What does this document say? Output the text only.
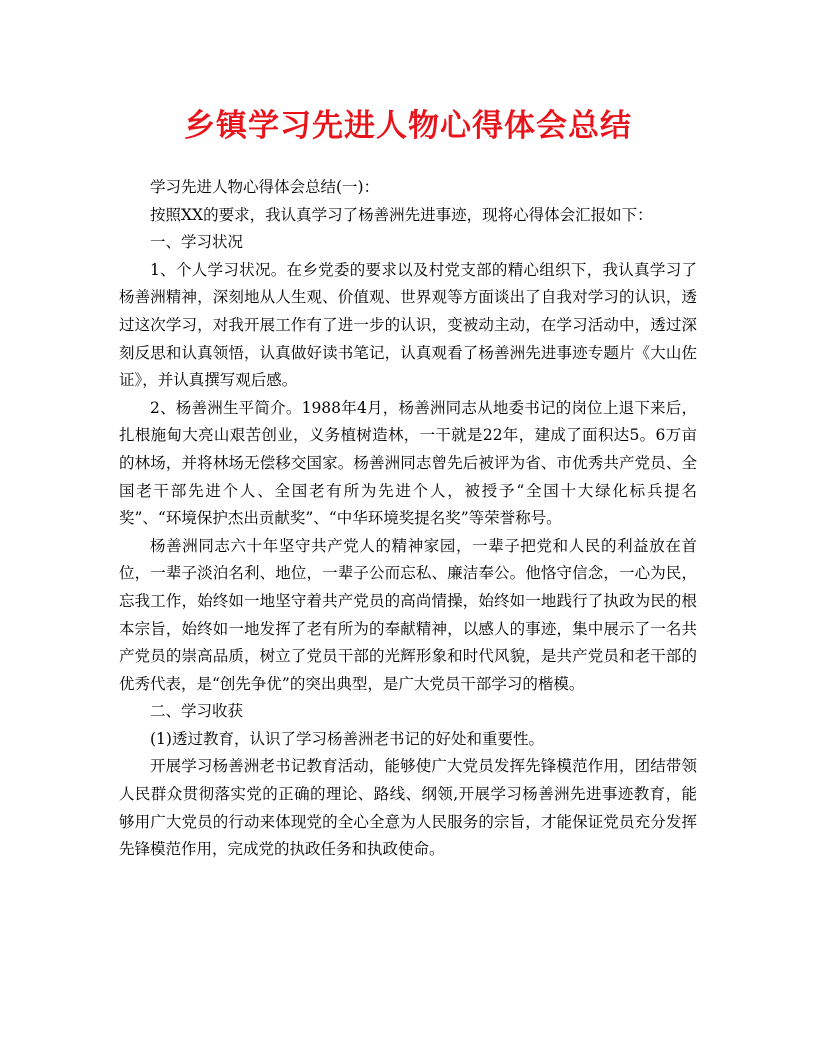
乡镇学习先进人物心得体会总结

学习先进人物心得体会总结(一)：

按照XX的要求，我认真学习了杨善洲先进事迹，现将心得体会汇报如下：

一、学习状况

1、个人学习状况。在乡党委的要求以及村党支部的精心组织下，我认真学习了杨善洲精神，深刻地从人生观、价值观、世界观等方面谈出了自我对学习的认识，透过这次学习，对我开展工作有了进一步的认识，变被动主动，在学习活动中，透过深刻反思和认真领悟，认真做好读书笔记，认真观看了杨善洲先进事迹专题片《大山佐证》，并认真撰写观后感。

2、杨善洲生平简介。1988年4月，杨善洲同志从地委书记的岗位上退下来后，扎根施甸大亮山艰苦创业，义务植树造林，一干就是22年，建成了面积达5。6万亩的林场，并将林场无偿移交国家。杨善洲同志曾先后被评为省、市优秀共产党员、全国老干部先进个人、全国老有所为先进个人，被授予“全国十大绿化标兵提名奖”、“环境保护杰出贡献奖”、“中华环境奖提名奖”等荣誉称号。

杨善洲同志六十年坚守共产党人的精神家园，一辈子把党和人民的利益放在首位，一辈子淡泊名利、地位，一辈子公而忘私、廉洁奉公。他恪守信念，一心为民，忘我工作，始终如一地坚守着共产党员的高尚情操，始终如一地践行了执政为民的根本宗旨，始终如一地发挥了老有所为的奉献精神，以感人的事迹，集中展示了一名共产党员的崇高品质，树立了党员干部的光辉形象和时代风貌，是共产党员和老干部的优秀代表，是“创先争优”的突出典型，是广大党员干部学习的楷模。

二、学习收获

(1)透过教育，认识了学习杨善洲老书记的好处和重要性。

开展学习杨善洲老书记教育活动，能够使广大党员发挥先锋模范作用，团结带领人民群众贯彻落实党的正确的理论、路线、纲领,开展学习杨善洲先进事迹教育，能够用广大党员的行动来体现党的全心全意为人民服务的宗旨，才能保证党员充分发挥先锋模范作用，完成党的执政任务和执政使命。
